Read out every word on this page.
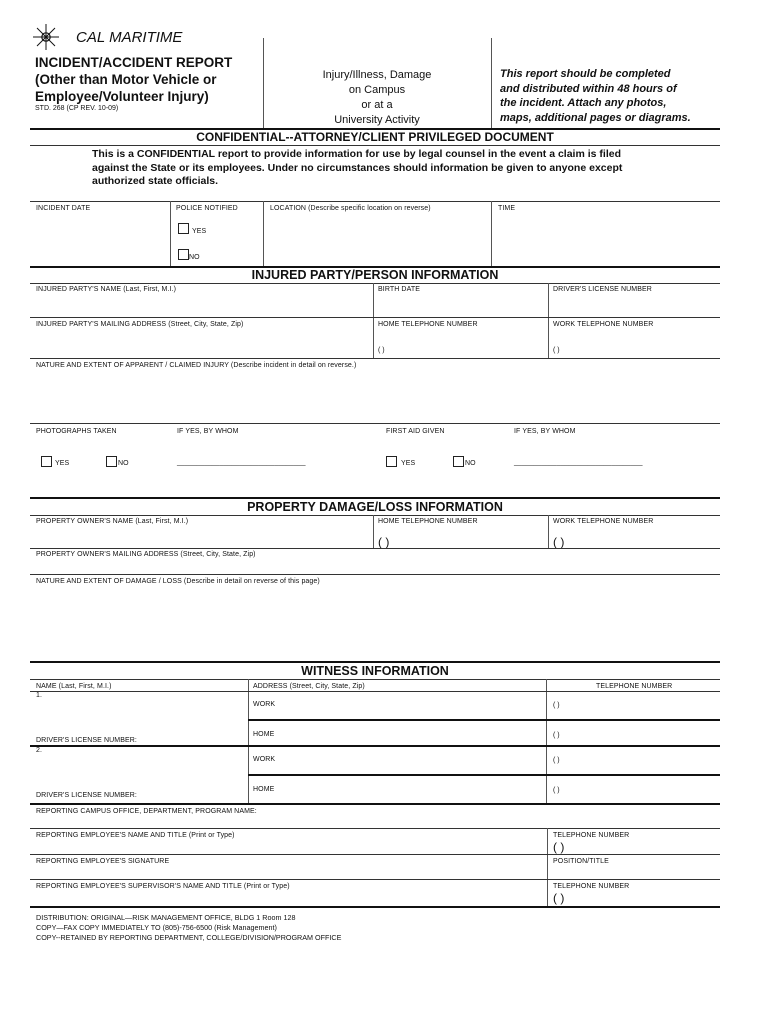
CAL MARITIME
INCIDENT/ACCIDENT REPORT
(Other than Motor Vehicle or
Employee/Volunteer Injury)
STD. 268 (CP REV. 10-09)
Injury/Illness, Damage
on Campus
or at a
University Activity
This report should be completed
and distributed within 48 hours of
the incident. Attach any photos,
maps, additional pages or diagrams.
CONFIDENTIAL--ATTORNEY/CLIENT PRIVILEGED DOCUMENT
This is a CONFIDENTIAL report to provide information for use by legal counsel in the event a claim is filed
against the State or its employees. Under no circumstances should information be given to anyone except
authorized state officials.
INCIDENT DATE	POLICE NOTIFIED
YES
NO
LOCATION (Describe specific location on reverse)	TIME
INJURED PARTY/PERSON INFORMATION
INJURED PARTY'S NAME (Last, First, M.I.)	BIRTH DATE	DRIVER'S LICENSE NUMBER
INJURED PARTY'S MAILING ADDRESS (Street, City, State, Zip)	HOME TELEPHONE NUMBER	WORK TELEPHONE NUMBER
( )	( )
NATURE AND EXTENT OF APPARENT / CLAIMED INJURY (Describe incident in detail on reverse.)
PHOTOGRAPHS TAKEN	IF YES, BY WHOM	FIRST AID GIVEN	IF YES, BY WHOM
YES	NO	_________________________________	YES	NO	_________________________________
PROPERTY DAMAGE/LOSS INFORMATION
PROPERTY OWNER'S NAME (Last, First, M.I.)	HOME TELEPHONE NUMBER	WORK TELEPHONE NUMBER
( )	( )
PROPERTY OWNER'S MAILING ADDRESS (Street, City, State, Zip)
NATURE AND EXTENT OF DAMAGE / LOSS (Describe in detail on reverse of this page)
WITNESS INFORMATION
NAME (Last, First, M.I.)	ADDRESS (Street, City, State, Zip)	TELEPHONE NUMBER
1.
WORK	( )
HOME	( )
DRIVER'S LICENSE NUMBER:
2.
WORK	( )
HOME	( )
DRIVER'S LICENSE NUMBER:
REPORTING CAMPUS OFFICE, DEPARTMENT, PROGRAM NAME:
REPORTING EMPLOYEE'S NAME AND TITLE (Print or Type)	TELEPHONE NUMBER
( )
REPORTING EMPLOYEE'S SIGNATURE	POSITION/TITLE
REPORTING EMPLOYEE'S SUPERVISOR'S NAME AND TITLE (Print or Type)	TELEPHONE NUMBER
( )
DISTRIBUTION: ORIGINAL—RISK MANAGEMENT OFFICE, BLDG 1 Room 128
COPY—FAX COPY IMMEDIATELY TO (805)-756-6500 (Risk Management)
COPY--RETAINED BY REPORTING DEPARTMENT, COLLEGE/DIVISION/PROGRAM OFFICE
